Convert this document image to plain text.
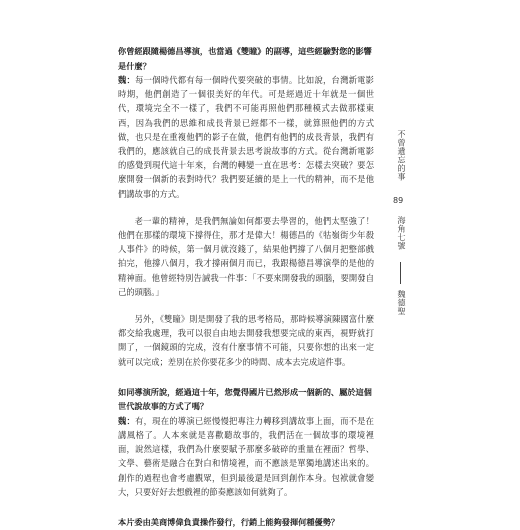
你曾經跟隨楊德昌導演，也當過《雙瞳》的副導，這些經驗對您的影響是什麼？

魏：每一個時代都有每一個時代要突破的事情。比如說，台灣新電影時期，他們創造了一個很美好的年代。可是經過近十年就是一個世代，環境完全不一樣了，我們不可能再照他們那種模式去做那樣東西，因為我們的思維和成長背景已經都不一樣，就算照他們的方式做，也只是在重複他們的影子在做，他們有他們的成長背景，我們有我們的，應該就自己的成長背景去思考說故事的方式。從台灣新電影的感覺到現代這十年來，台灣的轉變一直在思考：怎樣去突破？要怎麼開發一個新的表對時代？我們要延續的是上一代的精神，而不是他們講故事的方式。

老一輩的精神，是我們無論如何都要去學習的，他們太堅強了！他們在那樣的環境下撐得住，那才是偉大！楊德昌的《牯嶺街少年殺人事件》的時候，第一個月就沒錢了，結果他們撐了八個月把整部戲拍完，他撐八個月，我才撐兩個月而已，我跟楊德昌導演學的是他的精神面。他曾經特別告誡我一件事：「不要來開發我的頭腦，要開發自己的頭腦。」

另外，《雙瞳》則是開發了我的思考格局，那時候導演陳國富什麼都交給我處理，我可以很自由地去開發我想要完成的東西，視野就打開了，一個鏡頭的完成，沒有什麼事情不可能，只要你想的出來一定就可以完成；差別在於你要花多少的時間、成本去完成這件事。

如同導演所說，經過這十年，您覺得國片已然形成一個新的、屬於這個世代說故事的方式了嗎？

魏：有，現在的導演已經慢慢把專注力轉移到講故事上面，而不是在講風格了。人本來就是喜歡聽故事的，我們活在一個故事的環境裡面，說然這樣，我們為什麼要賦予那麼多破碎的重量在裡面？哲學、文學、藝術是融合在對白和情境裡，而不應該是單獨地講述出來的。創作的過程也會考慮觀眾，但到最後還是回到創作本身。包袱就會變大，只要好好去想戲裡的節奏應該如何就夠了。

本片委由美商博偉負責操作發行，行銷上能夠發揮何種優勢？

不曾遺忘的事
89
海角七號
魏德聖
